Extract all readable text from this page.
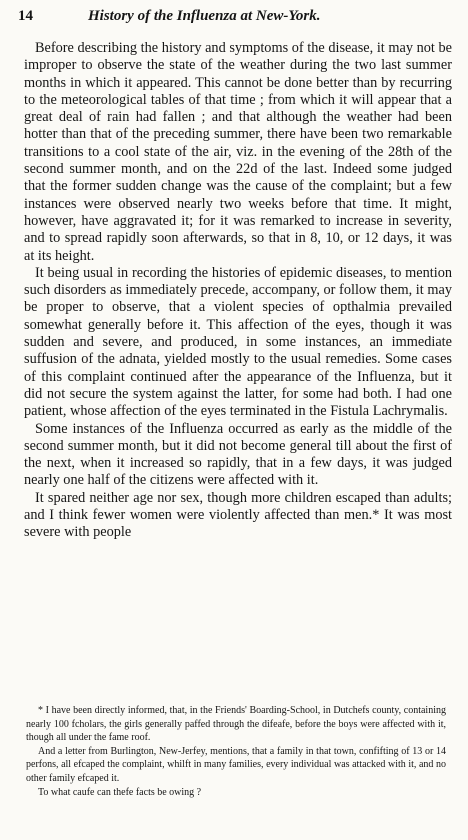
14	History of the Influenza at New-York.

Before describing the history and symptoms of the disease, it may not be improper to observe the state of the weather during the two last summer months in which it appeared. This cannot be done better than by recurring to the meteorological tables of that time ; from which it will appear that a great deal of rain had fallen ; and that although the weather had been hotter than that of the preceding summer, there have been two remarkable transitions to a cool state of the air, viz. in the evening of the 28th of the second summer month, and on the 22d of the last. Indeed some judged that the former sudden change was the cause of the complaint; but a few instances were observed nearly two weeks before that time. It might, however, have aggravated it; for it was remarked to increase in severity, and to spread rapidly soon afterwards, so that in 8, 10, or 12 days, it was at its height.

It being usual in recording the histories of epidemic diseases, to mention such disorders as immediately precede, accompany, or follow them, it may be proper to observe, that a violent species of opthalmia prevailed somewhat generally before it. This affection of the eyes, though it was sudden and severe, and produced, in some instances, an immediate suffusion of the adnata, yielded mostly to the usual remedies. Some cases of this complaint continued after the appearance of the Influenza, but it did not secure the system against the latter, for some had both. I had one patient, whose affection of the eyes terminated in the Fistula Lachrymalis.

Some instances of the Influenza occurred as early as the middle of the second summer month, but it did not become general till about the first of the next, when it increased so rapidly, that in a few days, it was judged nearly one half of the citizens were affected with it.

It spared neither age nor sex, though more children escaped than adults; and I think fewer women were violently affected than men.* It was most severe with people

* I have been directly informed, that, in the Friends' Boarding-School, in Dutchefs county, containing nearly 100 fcholars, the girls generally paffed through the difeafe, before the boys were affected with it, though all under the fame roof.

And a letter from Burlington, New-Jerfey, mentions, that a family in that town, confifting of 13 or 14 perfons, all efcaped the complaint, whilft in many families, every individual was attacked with it, and no other family efcaped it.

To what caufe can thefe facts be owing ?
